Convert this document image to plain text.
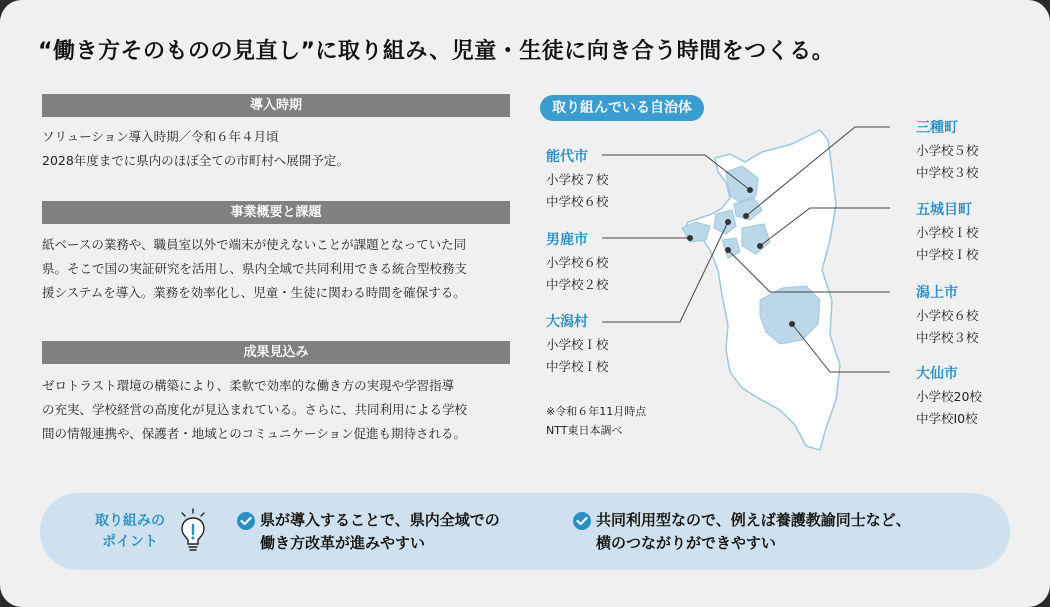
“働き方そのものの見直し”に取り組み、児童・生徒に向き合う時間をつくる。
導入時期

ソリューション導入時期／令和６年４月頃

2028年度までに県内のほぼ全ての市町村へ展開予定。

事業概要と課題

紙ベースの業務や、職員室以外で端末が使えないことが課題となっていた同

県。そこで国の実証研究を活用し、県内全域で共同利用できる統合型校務支

援システムを導入。業務を効率化し、児童・生徒に関わる時間を確保する。

成果見込み

ゼロトラスト環境の構築により、柔軟で効率的な働き方の実現や学習指導

の充実、学校経営の高度化が見込まれている。さらに、共同利用による学校

間の情報連携や、保護者・地域とのコミュニケーション促進も期待される。

取り組んでいる自治体
能代市
小学校７校
中学校６校
男鹿市
小学校６校
中学校２校
大潟村
小学校Ｉ校
中学校Ｉ校
三種町
小学校５校
中学校３校
五城目町
小学校Ｉ校
中学校Ｉ校
潟上市
小学校６校
中学校３校
大仙市
小学校20校
中学校I0校
※令和６年11月時点
NTT東日本調べ
取り組みの
ポイント
県が導入することで、県内全域での
働き方改革が進みやすい
共同利用型なので、例えば養護教諭同士など、
横のつながりができやすい
